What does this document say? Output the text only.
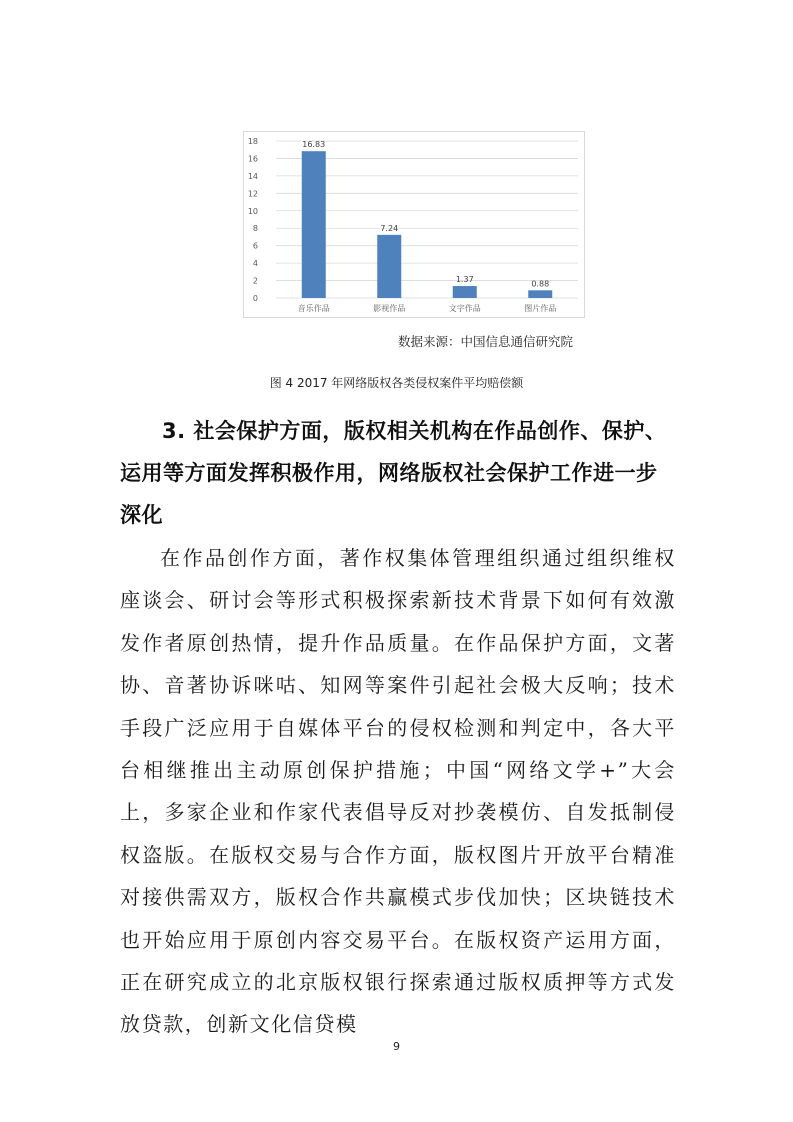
0
2
4
6
8
10
12
14
16
18	16.83
音乐作品
7.24
影视作品
1.37
文字作品
0.88
图片作品
数据来源：中国信息通信研究院
图 4 2017 年网络版权各类侵权案件平均赔偿额

3. 社会保护方面，版权相关机构在作品创作、保护、运用等方面发挥积极作用，网络版权社会保护工作进一步深化

在作品创作方面，著作权集体管理组织通过组织维权座谈会、研讨会等形式积极探索新技术背景下如何有效激发作者原创热情，提升作品质量。在作品保护方面，文著协、音著协诉咪咕、知网等案件引起社会极大反响；技术手段广泛应用于自媒体平台的侵权检测和判定中，各大平台相继推出主动原创保护措施；中国“网络文学+”大会上，多家企业和作家代表倡导反对抄袭模仿、自发抵制侵权盗版。在版权交易与合作方面，版权图片开放平台精准对接供需双方，版权合作共赢模式步伐加快；区块链技术也开始应用于原创内容交易平台。在版权资产运用方面，正在研究成立的北京版权银行探索通过版权质押等方式发放贷款，创新文化信贷模

9
